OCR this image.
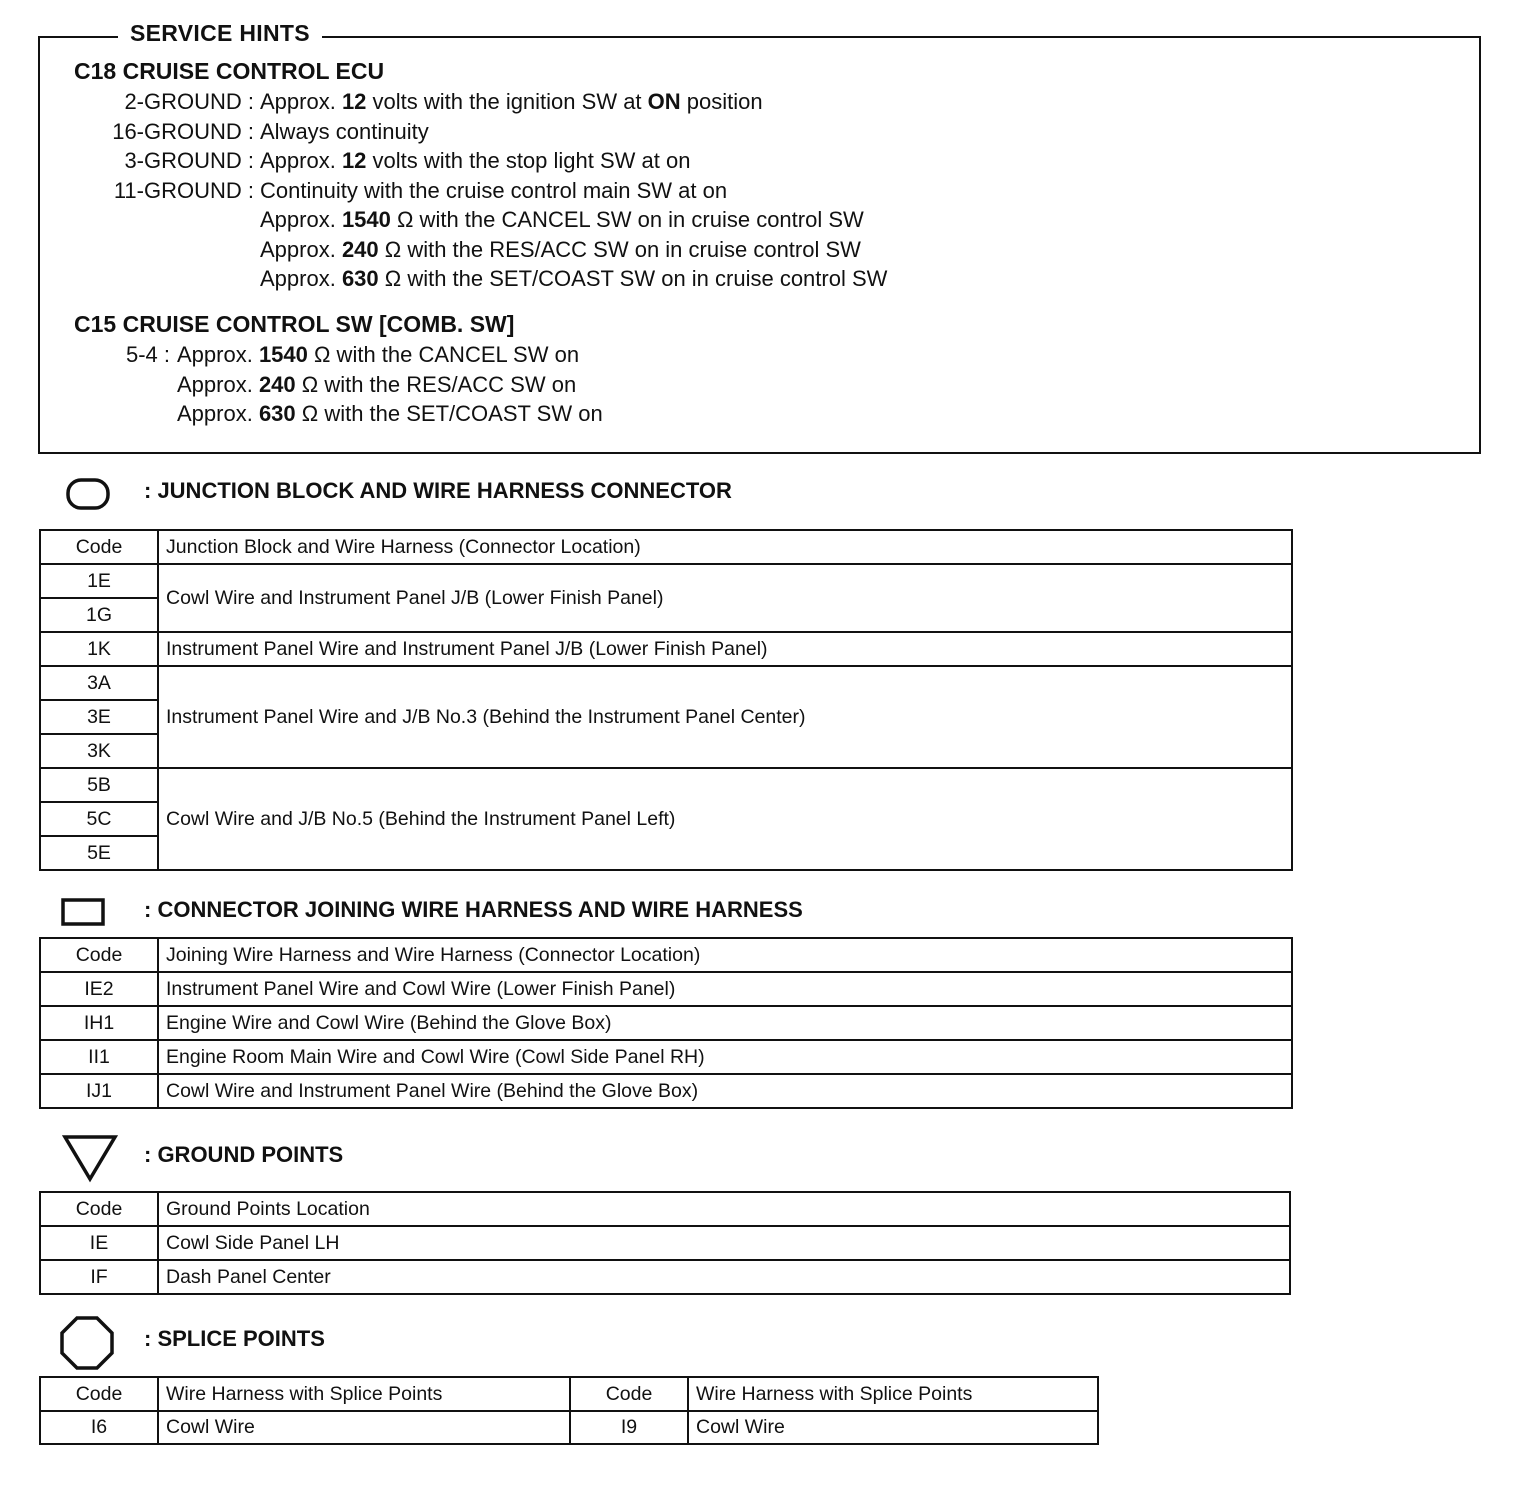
SERVICE HINTS
C18 CRUISE CONTROL ECU
2-GROUND : Approx. 12 volts with the ignition SW at ON position
16-GROUND : Always continuity
3-GROUND : Approx. 12 volts with the stop light SW at on
11-GROUND : Continuity with the cruise control main SW at on
Approx. 1540 Ω with the CANCEL SW on in cruise control SW
Approx. 240 Ω with the RES/ACC SW on in cruise control SW
Approx. 630 Ω with the SET/COAST SW on in cruise control SW
C15 CRUISE CONTROL SW [COMB. SW]
5-4 : Approx. 1540 Ω with the CANCEL SW on
Approx. 240 Ω with the RES/ACC SW on
Approx. 630 Ω with the SET/COAST SW on
: JUNCTION BLOCK AND WIRE HARNESS CONNECTOR
Code	Junction Block and Wire Harness (Connector Location)
1E	Cowl Wire and Instrument Panel J/B (Lower Finish Panel)
1G	
1K	Instrument Panel Wire and Instrument Panel J/B (Lower Finish Panel)
3A	Instrument Panel Wire and J/B No.3 (Behind the Instrument Panel Center)
3E	
3K	
5B	Cowl Wire and J/B No.5 (Behind the Instrument Panel Left)
5C	
5E	
: CONNECTOR JOINING WIRE HARNESS AND WIRE HARNESS
Code	Joining Wire Harness and Wire Harness (Connector Location)
IE2	Instrument Panel Wire and Cowl Wire (Lower Finish Panel)
IH1	Engine Wire and Cowl Wire (Behind the Glove Box)
II1	Engine Room Main Wire and Cowl Wire (Cowl Side Panel RH)
IJ1	Cowl Wire and Instrument Panel Wire (Behind the Glove Box)
: GROUND POINTS
Code	Ground Points Location
IE	Cowl Side Panel LH
IF	Dash Panel Center
: SPLICE POINTS
Code	Wire Harness with Splice Points	Code	Wire Harness with Splice Points
I6	Cowl Wire	I9	Cowl Wire
